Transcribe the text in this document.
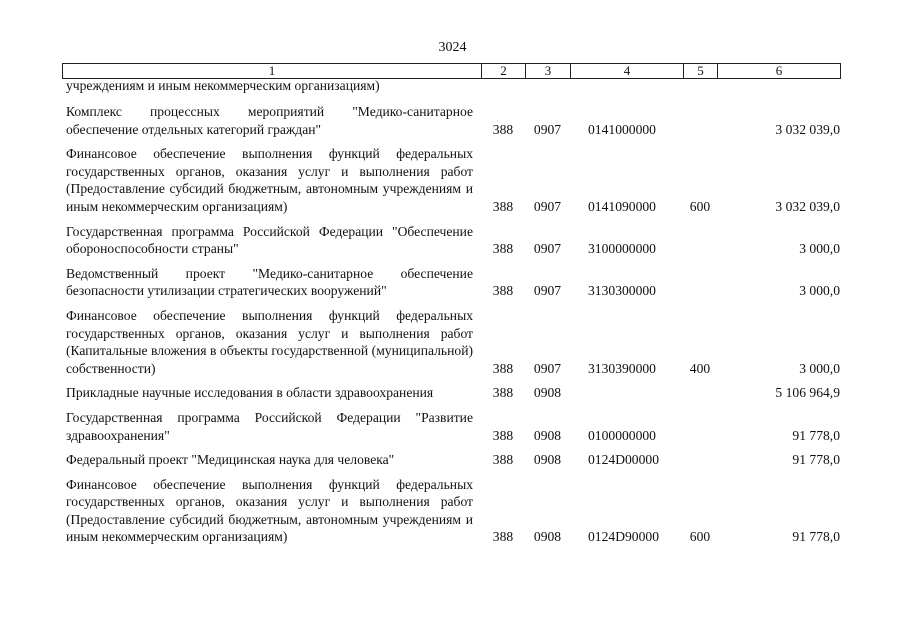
3024
1	2	3	4	5	6
учреждениям и иным некоммерческим организациям)
Комплекс процессных мероприятий "Медико-санитарное обеспечение отдельных категорий граждан"	388	0907	0141000000		3 032 039,0
Финансовое обеспечение выполнения функций федеральных государственных органов, оказания услуг и выполнения работ (Предоставление субсидий бюджетным, автономным учреждениям и иным некоммерческим организациям)	388	0907	0141090000	600	3 032 039,0
Государственная программа Российской Федерации "Обеспечение обороноспособности страны"	388	0907	3100000000		3 000,0
Ведомственный проект "Медико-санитарное обеспечение безопасности утилизации стратегических вооружений"	388	0907	3130300000		3 000,0
Финансовое обеспечение выполнения функций федеральных государственных органов, оказания услуг и выполнения работ (Капитальные вложения в объекты государственной (муниципальной) собственности)	388	0907	3130390000	400	3 000,0
Прикладные научные исследования в области здравоохранения	388	0908			5 106 964,9
Государственная программа Российской Федерации "Развитие здравоохранения"	388	0908	0100000000		91 778,0
Федеральный проект "Медицинская наука для человека"	388	0908	0124D00000		91 778,0
Финансовое обеспечение выполнения функций федеральных государственных органов, оказания услуг и выполнения работ (Предоставление субсидий бюджетным, автономным учреждениям и иным некоммерческим организациям)	388	0908	0124D90000	600	91 778,0
